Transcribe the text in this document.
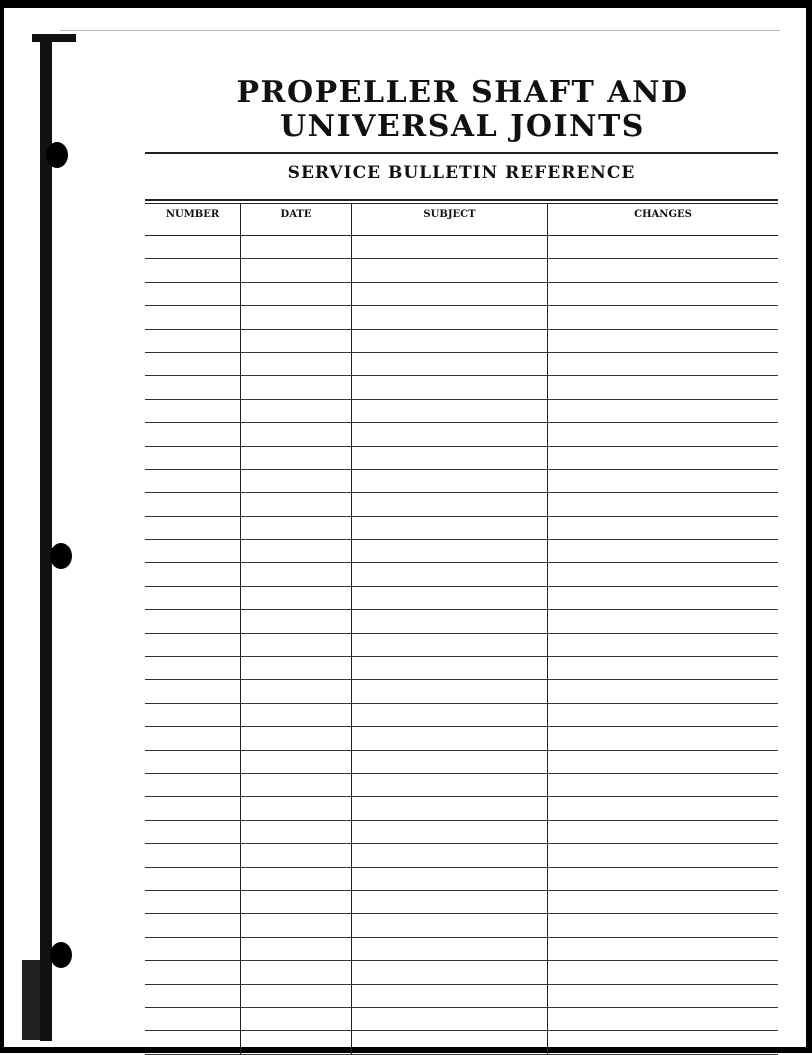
PROPELLER SHAFT AND
UNIVERSAL JOINTS
SERVICE BULLETIN REFERENCE
NUMBER	DATE	SUBJECT	CHANGES
